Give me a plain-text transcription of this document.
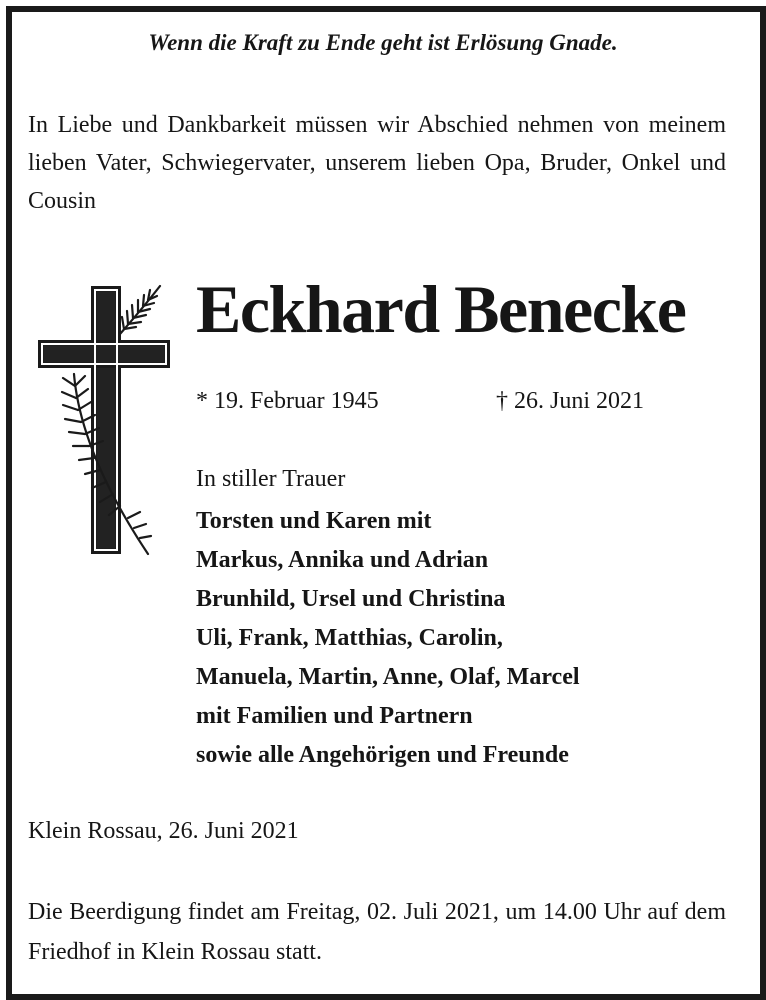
Wenn die Kraft zu Ende geht ist Erlösung Gnade.
In Liebe und Dankbarkeit müssen wir Abschied nehmen von meinem lieben Vater, Schwiegervater, unserem lieben Opa, Bruder, Onkel und Cousin
Eckhard Benecke
* 19. Februar 1945	† 26. Juni 2021
In stiller Trauer
Torsten und Karen mit
Markus, Annika und Adrian
Brunhild, Ursel und Christina
Uli, Frank, Matthias, Carolin,
Manuela, Martin, Anne, Olaf, Marcel
mit Familien und Partnern
sowie alle Angehörigen und Freunde
Klein Rossau, 26. Juni 2021
Die Beerdigung findet am Freitag, 02. Juli 2021, um 14.00 Uhr auf dem Friedhof in Klein Rossau statt.
